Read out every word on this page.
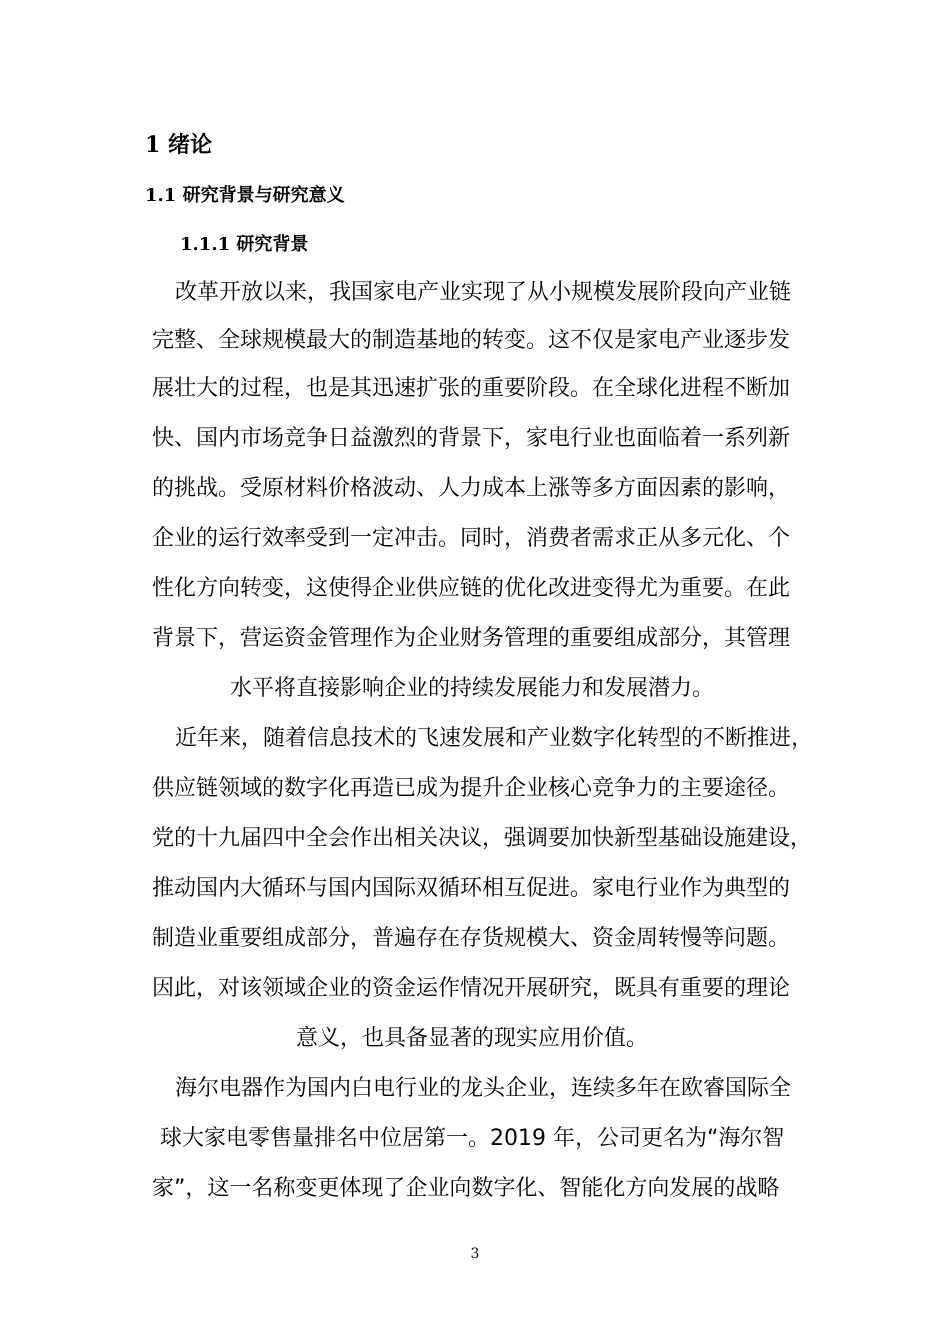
1 绪论
1.1 研究背景与研究意义
1.1.1 研究背景

改革开放以来，我国家电产业实现了从小规模发展阶段向产业链

完整、全球规模最大的制造基地的转变。这不仅是家电产业逐步发

展壮大的过程，也是其迅速扩张的重要阶段。在全球化进程不断加

快、国内市场竞争日益激烈的背景下，家电行业也面临着一系列新

的挑战。受原材料价格波动、人力成本上涨等多方面因素的影响，

企业的运行效率受到一定冲击。同时，消费者需求正从多元化、个

性化方向转变，这使得企业供应链的优化改进变得尤为重要。在此

背景下，营运资金管理作为企业财务管理的重要组成部分，其管理

水平将直接影响企业的持续发展能力和发展潜力。

近年来，随着信息技术的飞速发展和产业数字化转型的不断推进，

供应链领域的数字化再造已成为提升企业核心竞争力的主要途径。

党的十九届四中全会作出相关决议，强调要加快新型基础设施建设，

推动国内大循环与国内国际双循环相互促进。家电行业作为典型的

制造业重要组成部分，普遍存在存货规模大、资金周转慢等问题。

因此，对该领域企业的资金运作情况开展研究，既具有重要的理论

意义，也具备显著的现实应用价值。

海尔电器作为国内白电行业的龙头企业，连续多年在欧睿国际全

球大家电零售量排名中位居第一。2019 年，公司更名为“海尔智

家”，这一名称变更体现了企业向数字化、智能化方向发展的战略

3
